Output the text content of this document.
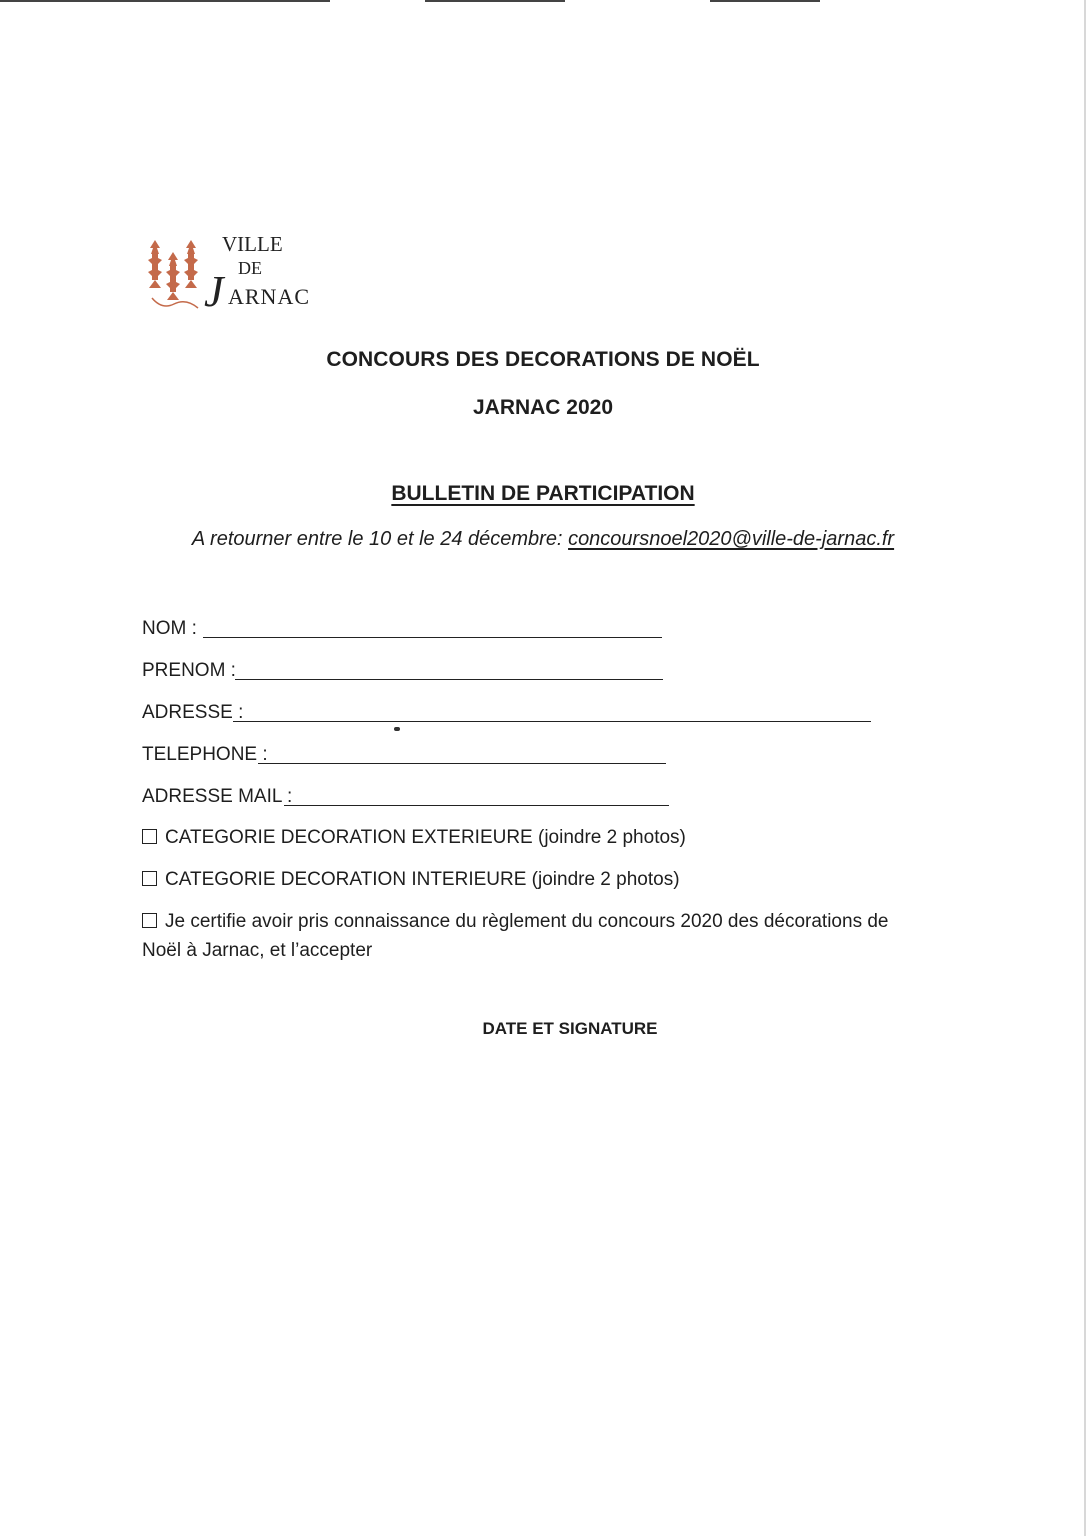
VILLE
DE
J ARNAC
CONCOURS DES DECORATIONS DE NOËL
JARNAC 2020
BULLETIN DE PARTICIPATION
A retourner entre le 10 et le 24 décembre: concoursnoel2020@ville-de-jarnac.fr
NOM :
PRENOM :
ADRESSE :
TELEPHONE :
ADRESSE MAIL :
CATEGORIE DECORATION EXTERIEURE (joindre 2 photos)
CATEGORIE DECORATION INTERIEURE (joindre 2 photos)
Je certifie avoir pris connaissance du règlement du concours 2020 des décorations de Noël à Jarnac, et l’accepter
DATE ET SIGNATURE
